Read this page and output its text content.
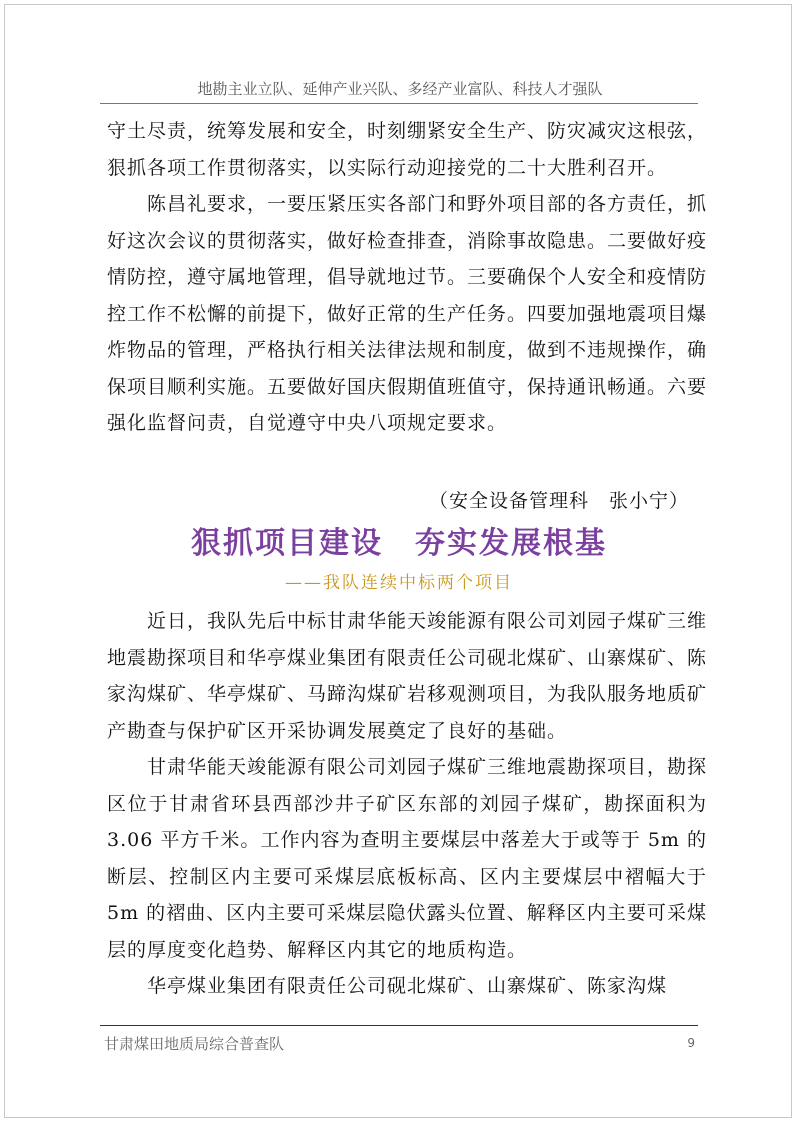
地勘主业立队、延伸产业兴队、多经产业富队、科技人才强队

守土尽责，统筹发展和安全，时刻绷紧安全生产、防灾减灾这根弦，狠抓各项工作贯彻落实，以实际行动迎接党的二十大胜利召开。

陈昌礼要求，一要压紧压实各部门和野外项目部的各方责任，抓好这次会议的贯彻落实，做好检查排查，消除事故隐患。二要做好疫情防控，遵守属地管理，倡导就地过节。三要确保个人安全和疫情防控工作不松懈的前提下，做好正常的生产任务。四要加强地震项目爆炸物品的管理，严格执行相关法律法规和制度，做到不违规操作，确保项目顺利实施。五要做好国庆假期值班值守，保持通讯畅通。六要强化监督问责，自觉遵守中央八项规定要求。

（安全设备管理科　张小宁）
狠抓项目建设　夯实发展根基
——我队连续中标两个项目

近日，我队先后中标甘肃华能天竣能源有限公司刘园子煤矿三维地震勘探项目和华亭煤业集团有限责任公司砚北煤矿、山寨煤矿、陈家沟煤矿、华亭煤矿、马蹄沟煤矿岩移观测项目，为我队服务地质矿产勘查与保护矿区开采协调发展奠定了良好的基础。

甘肃华能天竣能源有限公司刘园子煤矿三维地震勘探项目，勘探区位于甘肃省环县西部沙井子矿区东部的刘园子煤矿，勘探面积为 3.06 平方千米。工作内容为查明主要煤层中落差大于或等于 5m 的断层、控制区内主要可采煤层底板标高、区内主要煤层中褶幅大于 5m 的褶曲、区内主要可采煤层隐伏露头位置、解释区内主要可采煤层的厚度变化趋势、解释区内其它的地质构造。

华亭煤业集团有限责任公司砚北煤矿、山寨煤矿、陈家沟煤

甘肃煤田地质局综合普查队	9
